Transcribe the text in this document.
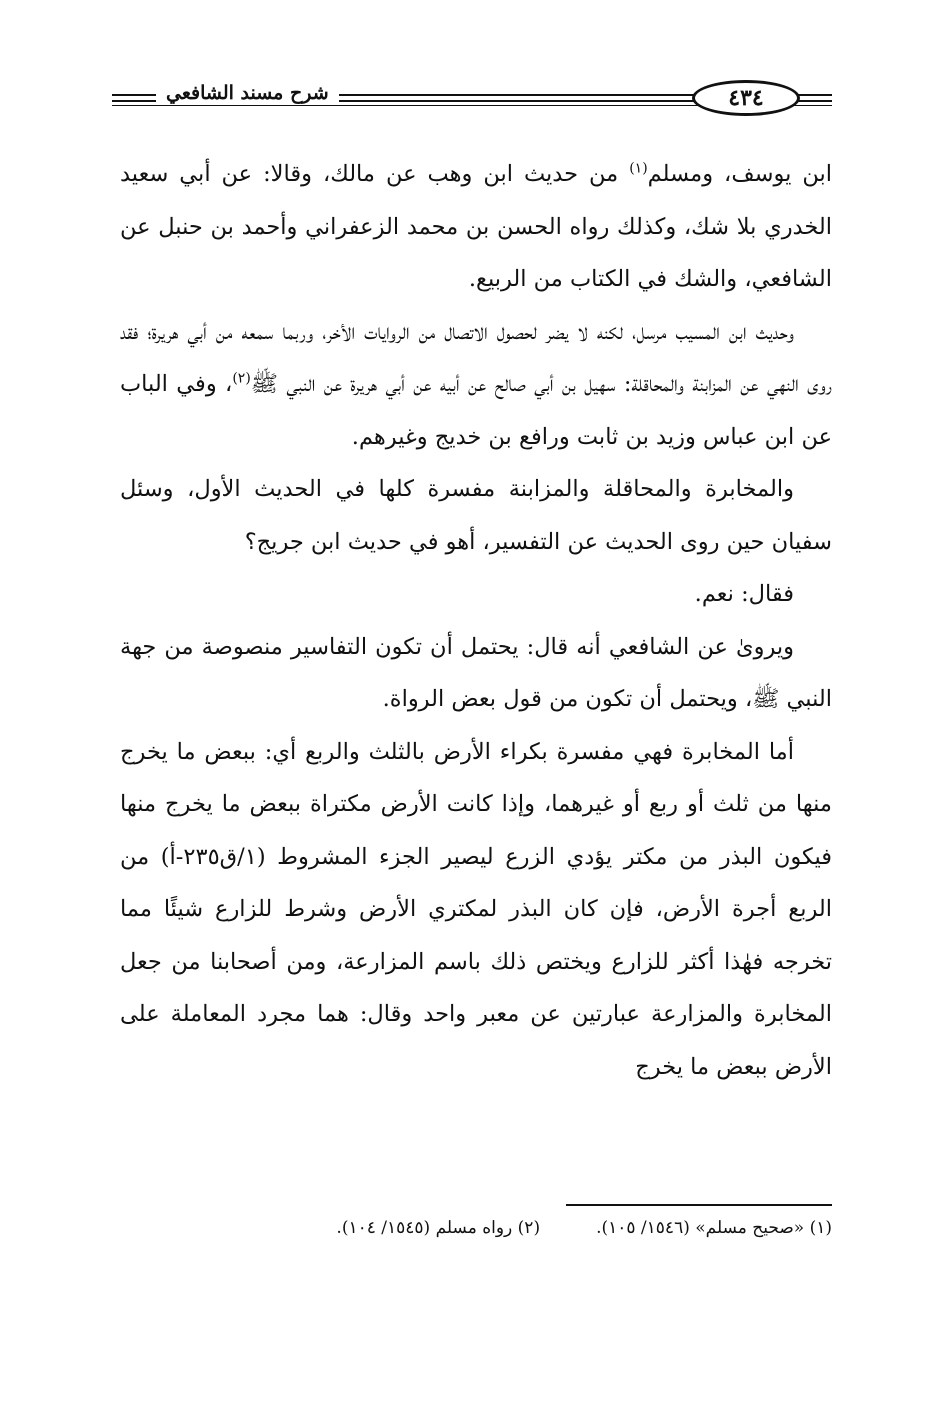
شرح مسند الشافعي	٤٣٤

ابن يوسف، ومسلم$^{(١)}$ من حديث ابن وهب عن مالك، وقالا: عن أبي سعيد الخدري بلا شك، وكذلك رواه الحسن بن محمد الزعفراني وأحمد بن حنبل عن الشافعي، والشك في الكتاب من الربيع.

وحديث ابن المسيب مرسل، لكنه لا يضر لحصول الاتصال من الروايات الأخر، وربما سمعه من أبي هريرة؛ فقد روى النهي عن المزابنة والمحاقلة: سهيل بن أبي صالح عن أبيه عن أبي هريرة عن النبي ﷺ$^{(٢)}$، وفي الباب عن ابن عباس وزيد بن ثابت ورافع بن خديج وغيرهم.

والمخابرة والمحاقلة والمزابنة مفسرة كلها في الحديث الأول، وسئل سفيان حين روى الحديث عن التفسير، أهو في حديث ابن جريج؟

فقال: نعم.

ويروىٰ عن الشافعي أنه قال: يحتمل أن تكون التفاسير منصوصة من جهة النبي ﷺ، ويحتمل أن تكون من قول بعض الرواة.

أما المخابرة فهي مفسرة بكراء الأرض بالثلث والربع أي: ببعض ما يخرج منها من ثلث أو ربع أو غيرهما، وإذا كانت الأرض مكتراة ببعض ما يخرج منها فيكون البذر من مكتر يؤدي الزرع ليصير الجزء المشروط (١/ق٢٣٥-أ) من الربع أجرة الأرض، فإن كان البذر لمكتري الأرض وشرط للزارع شيئًا مما تخرجه فهٰذا أكثر للزارع ويختص ذلك باسم المزارعة، ومن أصحابنا من جعل المخابرة والمزارعة عبارتين عن معبر واحد وقال: هما مجرد المعاملة على الأرض ببعض ما يخرج

(١) «صحيح مسلم» (١٥٤٦/ ١٠٥).(٢) رواه مسلم (١٥٤٥/ ١٠٤).
